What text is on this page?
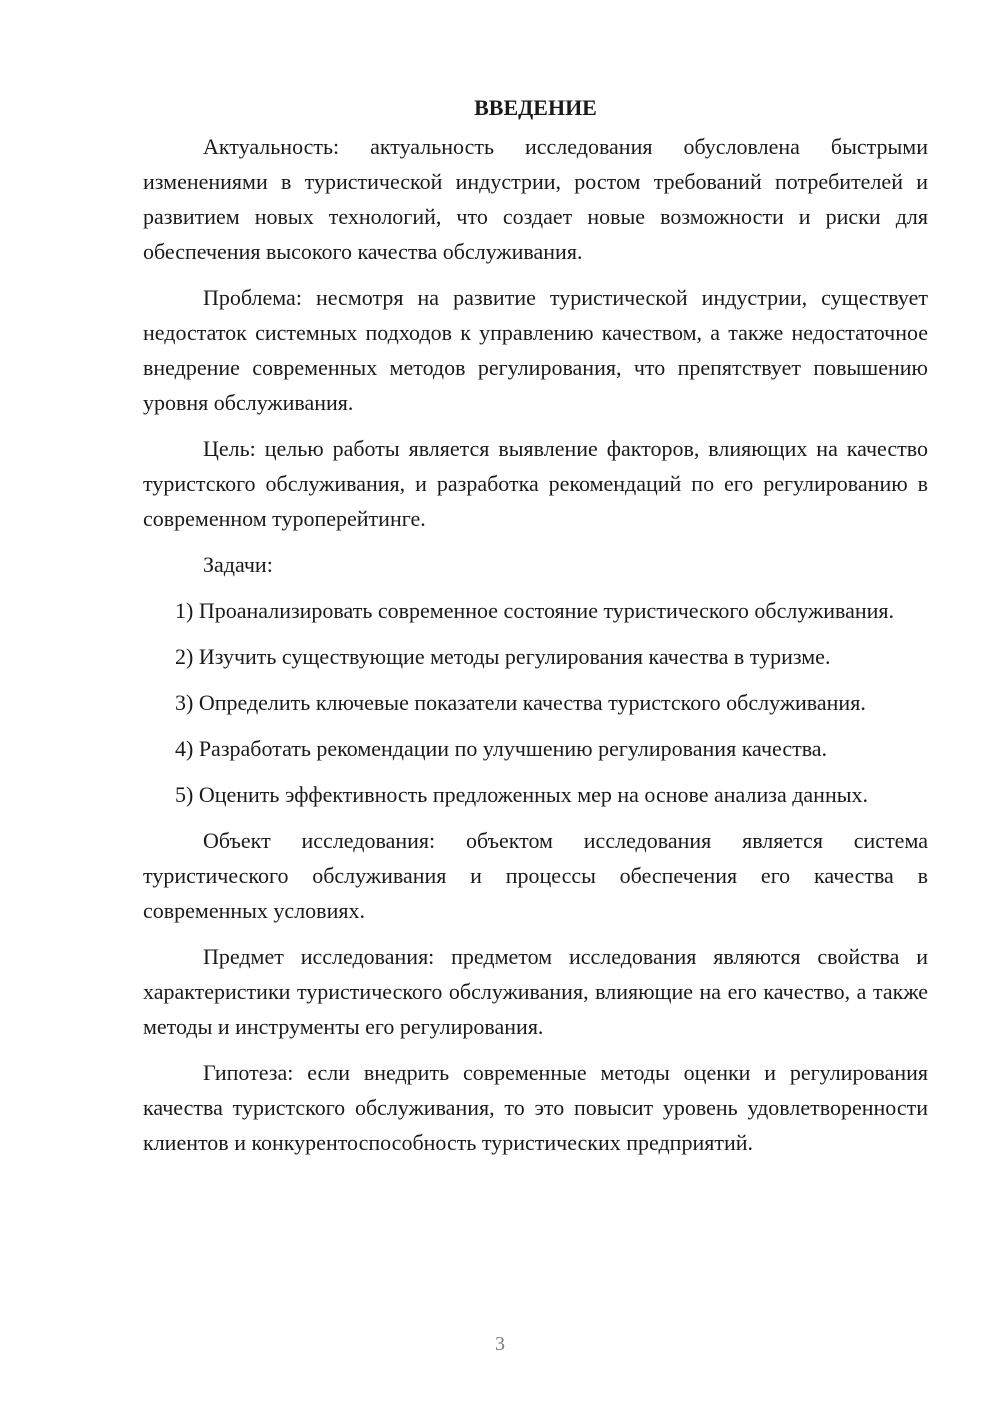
ВВЕДЕНИЕ

Актуальность: актуальность исследования обусловлена быстрыми изменениями в туристической индустрии, ростом требований потребителей и развитием новых технологий, что создает новые возможности и риски для обеспечения высокого качества обслуживания.

Проблема: несмотря на развитие туристической индустрии, существует недостаток системных подходов к управлению качеством, а также недостаточное внедрение современных методов регулирования, что препятствует повышению уровня обслуживания.

Цель: целью работы является выявление факторов, влияющих на качество туристского обслуживания, и разработка рекомендаций по его регулированию в современном туроперейтинге.

Задачи:

1) Проанализировать современное состояние туристического обслуживания.

2) Изучить существующие методы регулирования качества в туризме.

3) Определить ключевые показатели качества туристского обслуживания.

4) Разработать рекомендации по улучшению регулирования качества.

5) Оценить эффективность предложенных мер на основе анализа данных.

Объект исследования: объектом исследования является система туристического обслуживания и процессы обеспечения его качества в современных условиях.

Предмет исследования: предметом исследования являются свойства и характеристики туристического обслуживания, влияющие на его качество, а также методы и инструменты его регулирования.

Гипотеза: если внедрить современные методы оценки и регулирования качества туристского обслуживания, то это повысит уровень удовлетворенности клиентов и конкурентоспособность туристических предприятий.

3
